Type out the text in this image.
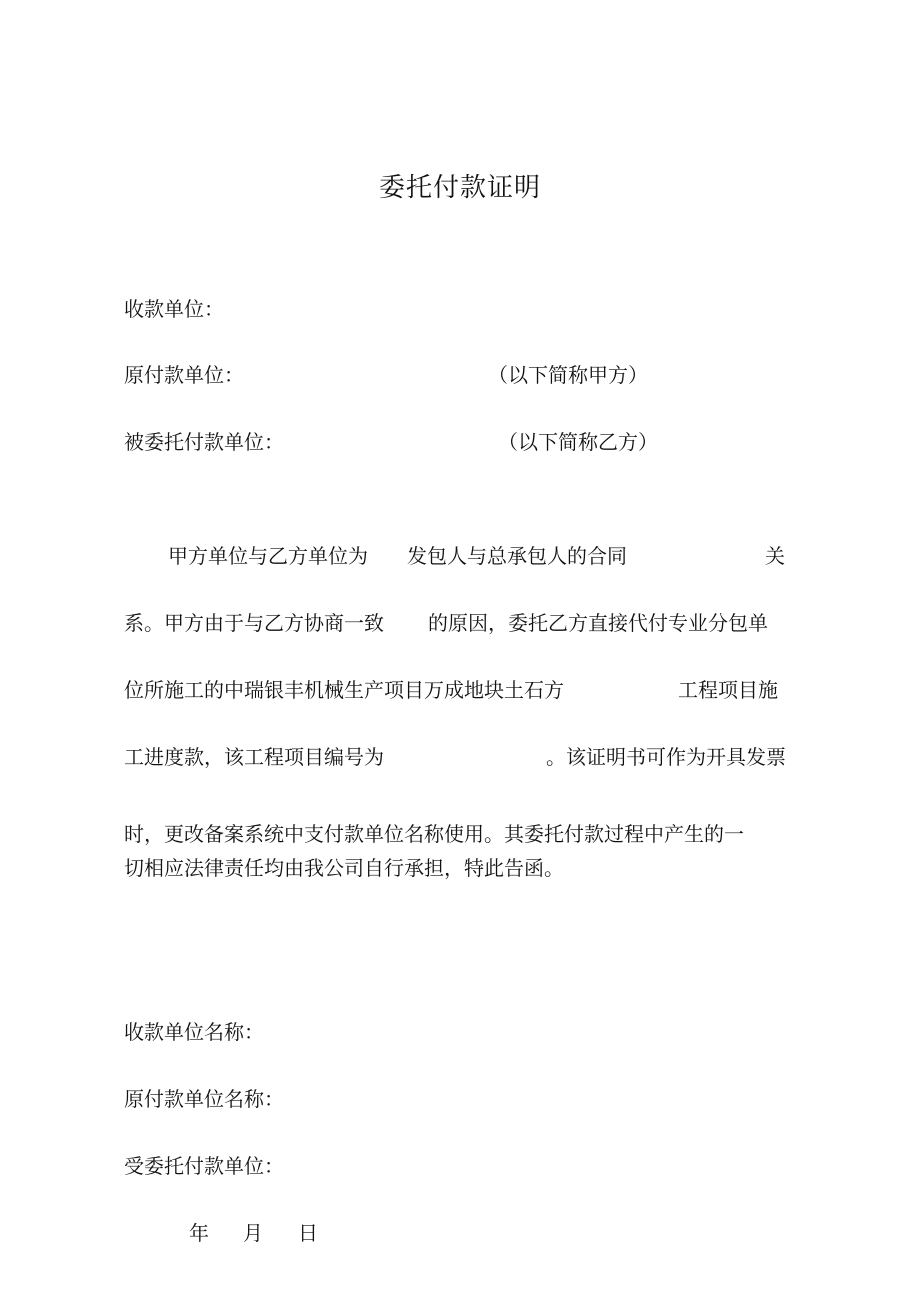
委托付款证明
收款单位：
原付款单位：	（以下简称甲方）
被委托付款单位：	（以下简称乙方）
甲方单位与乙方单位为 发包人与总承包人的合同	关
系。甲方由于与乙方协商一致 的原因，委托乙方直接代付专业分包单
位所施工的中瑞银丰机械生产项目万成地块土石方	工程项目施
工进度款，该工程项目编号为	。该证明书可作为开具发票
时，更改备案系统中支付款单位名称使用。其委托付款过程中产生的一
切相应法律责任均由我公司自行承担，特此告函。
收款单位名称：
原付款单位名称：
受委托付款单位：
年 月 日
